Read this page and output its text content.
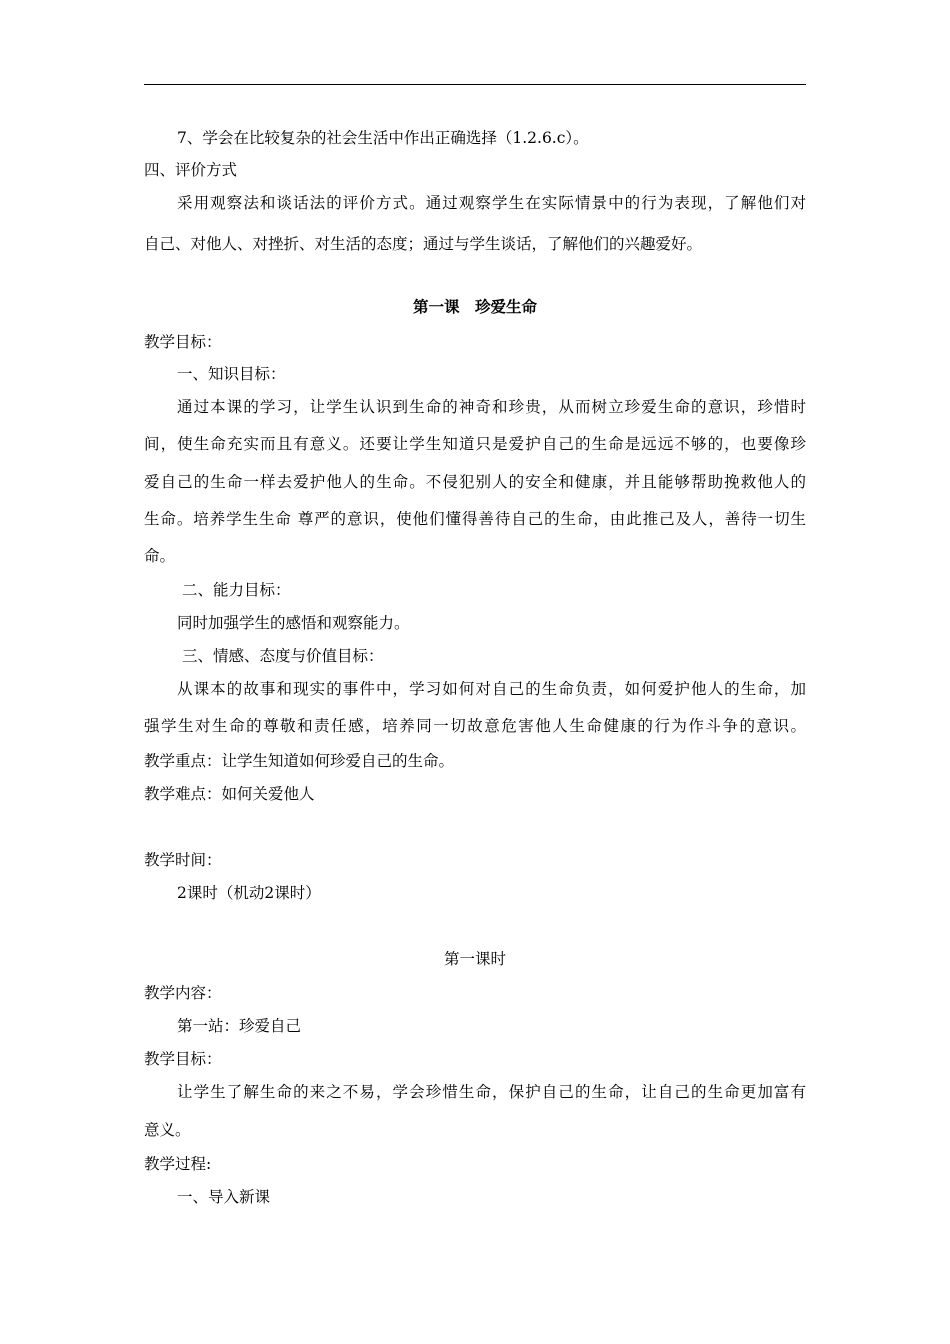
7、学会在比较复杂的社会生活中作出正确选择（1.2.6.c）。
四、评价方式
采用观察法和谈话法的评价方式。通过观察学生在实际情景中的行为表现，了解他们对
自己、对他人、对挫折、对生活的态度；通过与学生谈话，了解他们的兴趣爱好。
第一课　珍爱生命
教学目标：
一、知识目标：
通过本课的学习，让学生认识到生命的神奇和珍贵，从而树立珍爱生命的意识，珍惜时
间，使生命充实而且有意义。还要让学生知道只是爱护自己的生命是远远不够的，也要像珍
爱自己的生命一样去爱护他人的生命。不侵犯别人的安全和健康，并且能够帮助挽救他人的
生命。培养学生生命 尊严的意识，使他们懂得善待自己的生命，由此推己及人，善待一切生
命。
二、能力目标：
同时加强学生的感悟和观察能力。
三、情感、态度与价值目标：
从课本的故事和现实的事件中，学习如何对自己的生命负责，如何爱护他人的生命，加
强学生对生命的尊敬和责任感，培养同一切故意危害他人生命健康的行为作斗争的意识。
教学重点：让学生知道如何珍爱自己的生命。
教学难点：如何关爱他人
教学时间：
2课时（机动2课时）
第一课时
教学内容：
第一站：珍爱自己
教学目标：
让学生了解生命的来之不易，学会珍惜生命，保护自己的生命，让自己的生命更加富有
意义。
教学过程:
一、导入新课
